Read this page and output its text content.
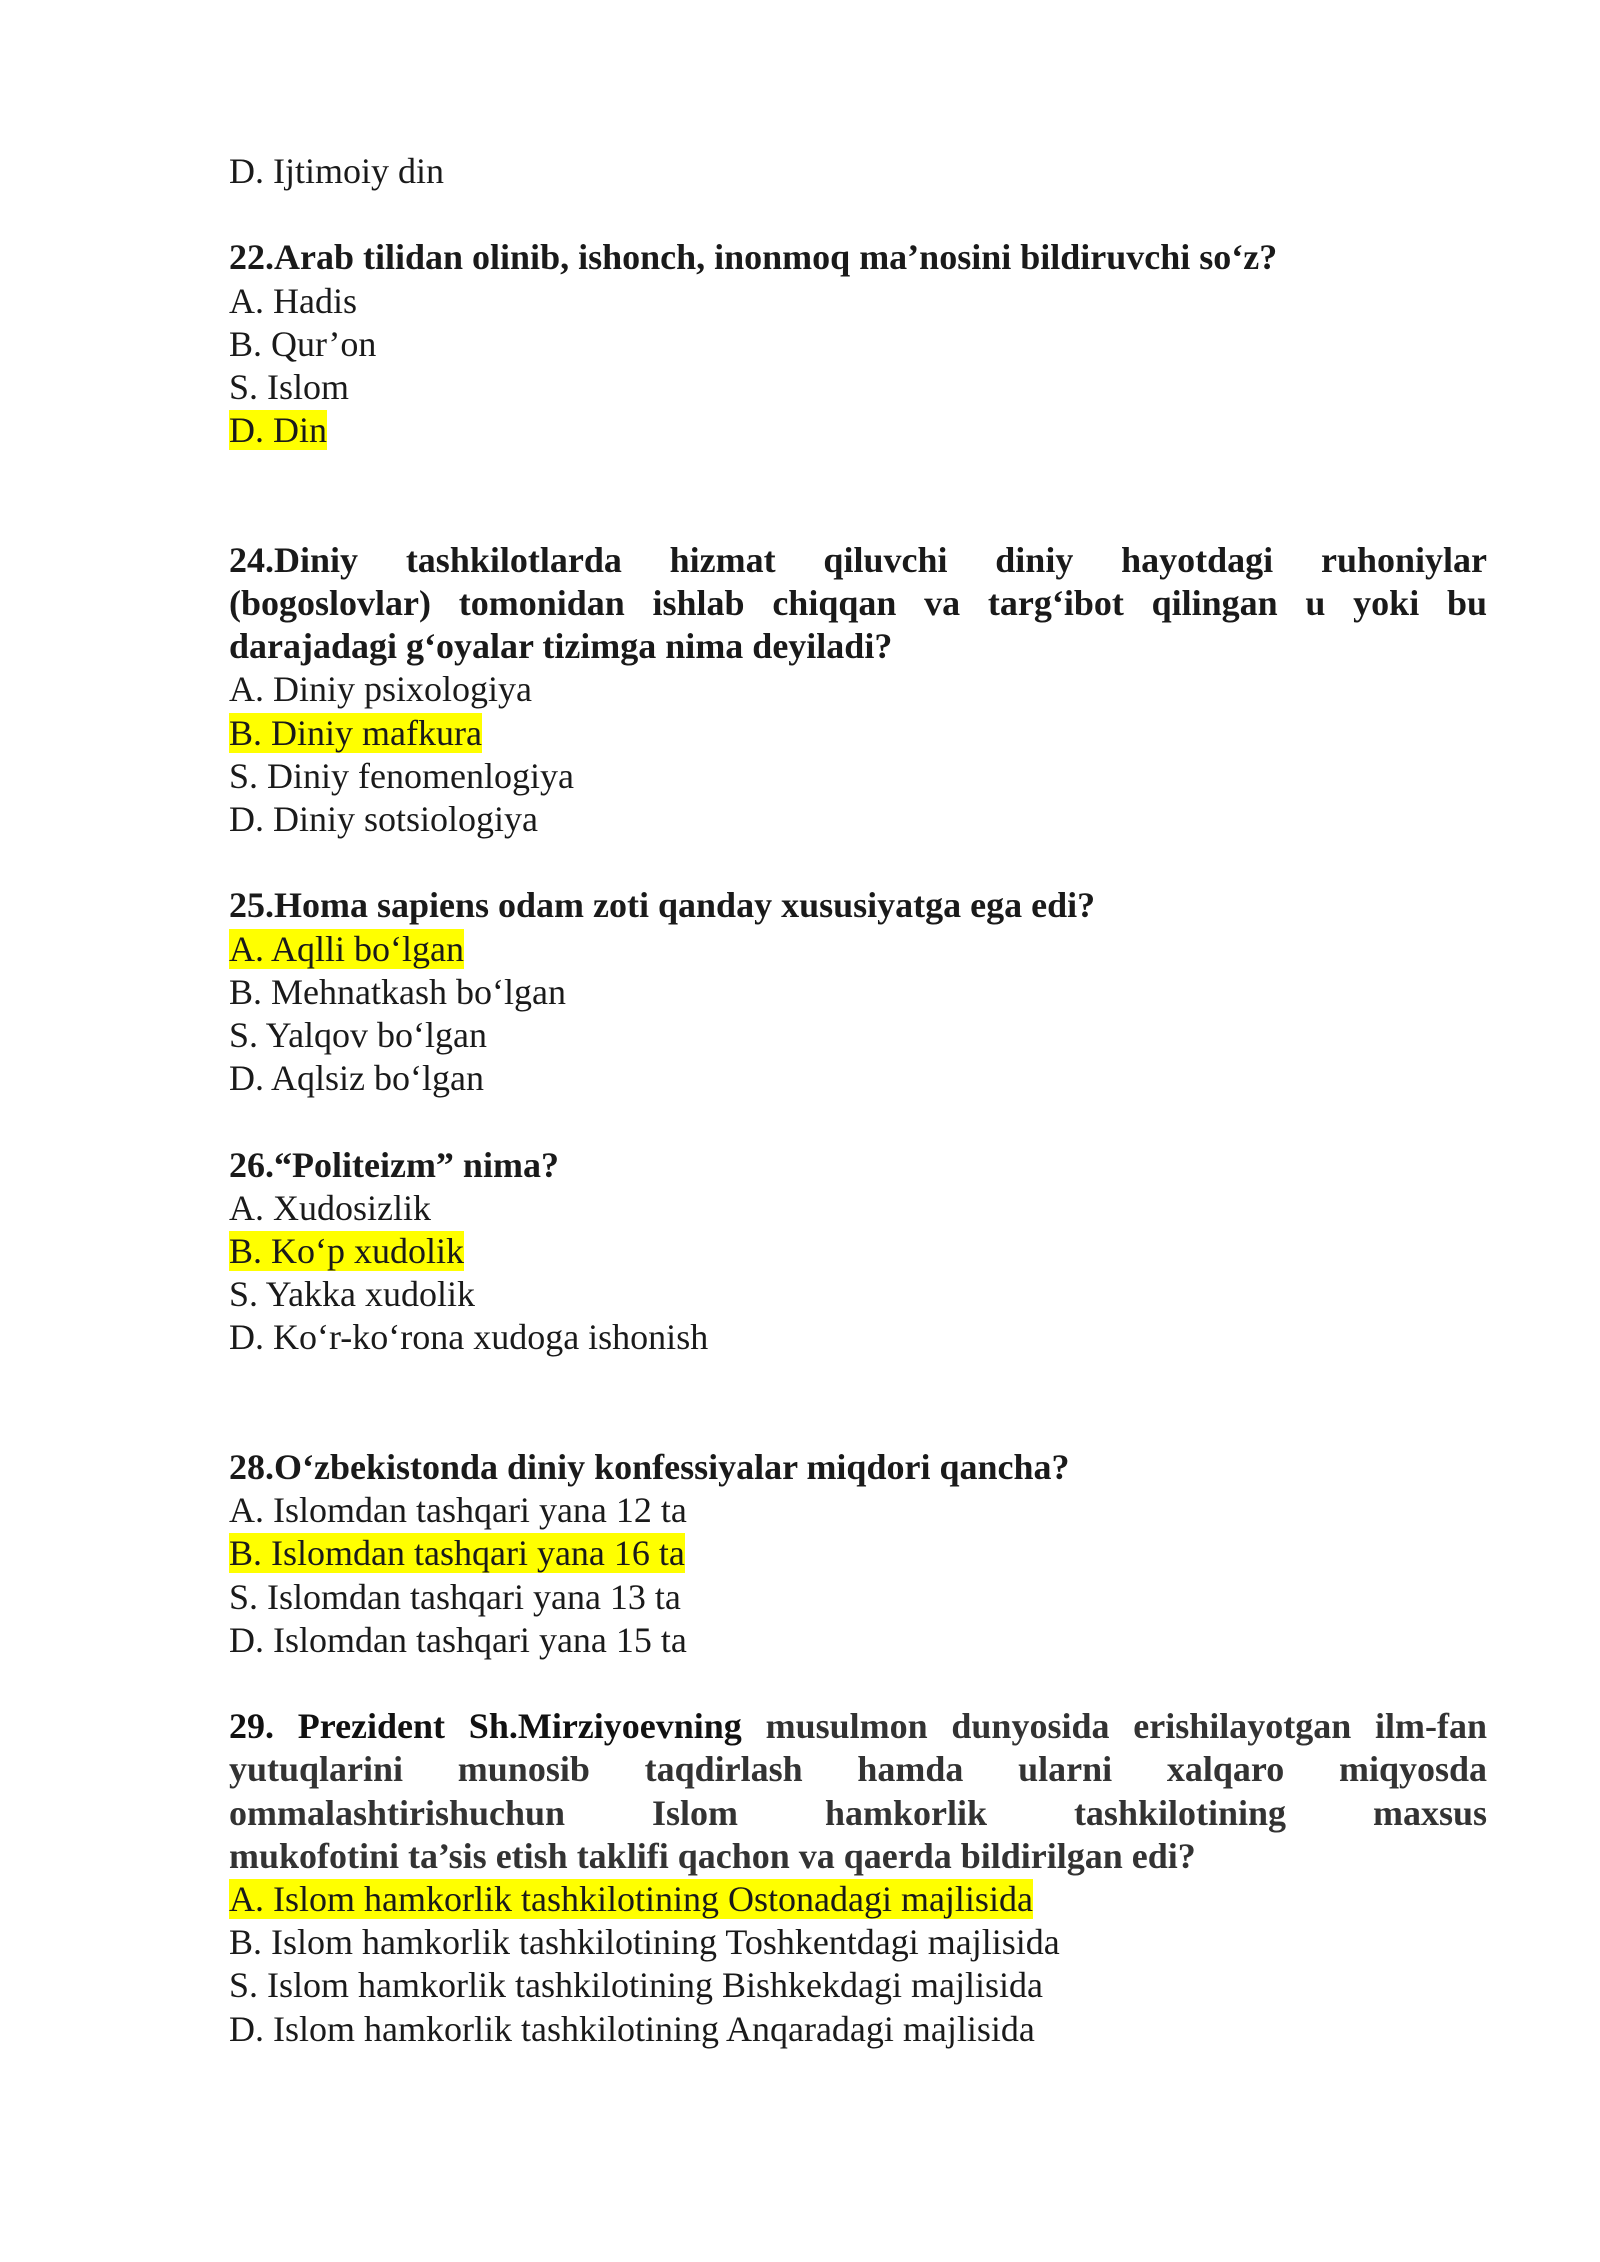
D. Ijtimoiy din
22.Arab tilidan olinib, ishonch, inonmoq ma’nosini bildiruvchi so‘z?
A. Hadis
B. Qur’on
S. Islom
D. Din
24.Diniy tashkilotlarda hizmat qiluvchi diniy hayotdagi ruhoniylar
(bogoslovlar) tomonidan ishlab chiqqan va targ‘ibot qilingan u yoki bu
darajadagi g‘oyalar tizimga nima deyiladi?
A. Diniy psixologiya
B. Diniy mafkura
S. Diniy fenomenlogiya
D. Diniy sotsiologiya
25.Homa sapiens odam zoti qanday xususiyatga ega edi?
A. Aqlli bo‘lgan
B. Mehnatkash bo‘lgan
S. Yalqov bo‘lgan
D. Aqlsiz bo‘lgan
26.“Politeizm” nima?
A. Xudosizlik
B. Ko‘p xudolik
S. Yakka xudolik
D. Ko‘r-ko‘rona xudoga ishonish
28.O‘zbekistonda diniy konfessiyalar miqdori qancha?
A. Islomdan tashqari yana 12 ta
B. Islomdan tashqari yana 16 ta
S. Islomdan tashqari yana 13 ta
D. Islomdan tashqari yana 15 ta
29. Prezident Sh.Mirziyoevning musulmon dunyosida erishilayotgan ilm-fan
yutuqlarini munosib taqdirlash hamda ularni xalqaro miqyosda
ommalashtirishuchun Islom hamkorlik tashkilotining maxsus
mukofotini ta’sis etish taklifi qachon va qaerda bildirilgan edi?
A. Islom hamkorlik tashkilotining Ostonadagi majlisida
B. Islom hamkorlik tashkilotining Toshkentdagi majlisida
S. Islom hamkorlik tashkilotining Bishkekdagi majlisida
D. Islom hamkorlik tashkilotining Anqaradagi majlisida
